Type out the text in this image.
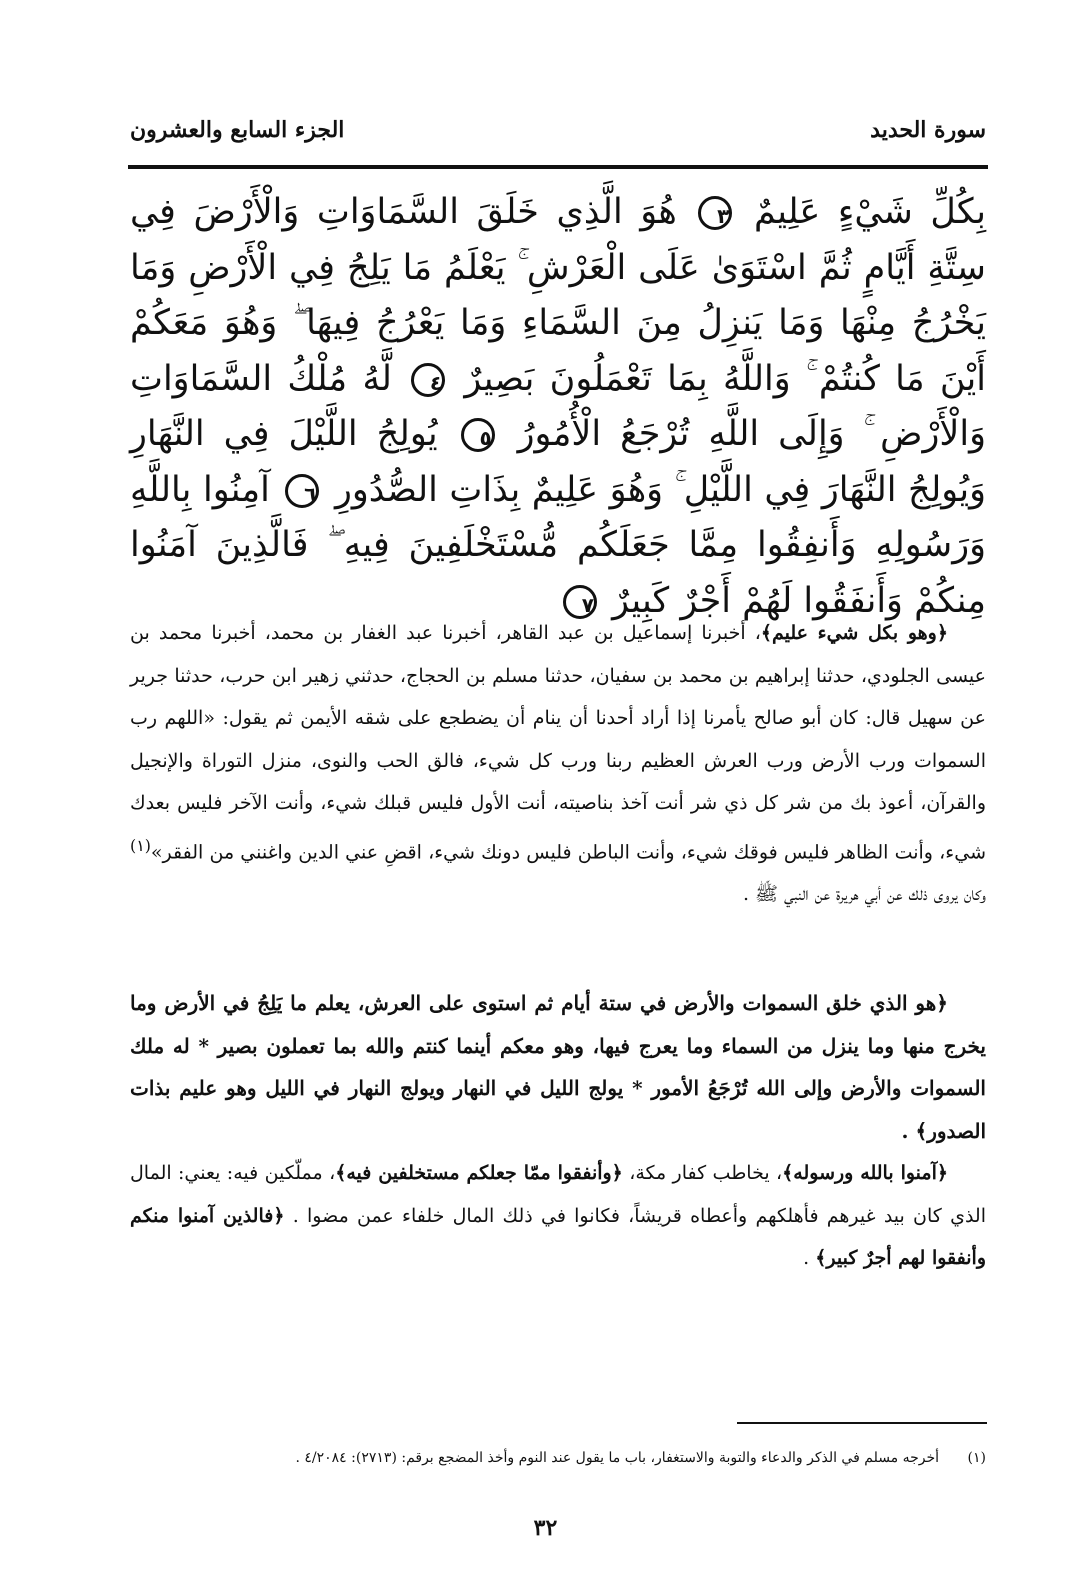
سورة الحديد
الجزء السابع والعشرون
بِكُلِّ شَيْءٍ عَلِيمٌ ٣ هُوَ الَّذِي خَلَقَ السَّمَاوَاتِ وَالْأَرْضَ فِي سِتَّةِ أَيَّامٍ ثُمَّ اسْتَوَىٰ عَلَى الْعَرْشِ ۚ يَعْلَمُ مَا يَلِجُ فِي الْأَرْضِ وَمَا يَخْرُجُ مِنْهَا وَمَا يَنزِلُ مِنَ السَّمَاءِ وَمَا يَعْرُجُ فِيهَا ۖ وَهُوَ مَعَكُمْ أَيْنَ مَا كُنتُمْ ۚ وَاللَّهُ بِمَا تَعْمَلُونَ بَصِيرٌ ٤ لَّهُ مُلْكُ السَّمَاوَاتِ وَالْأَرْضِ ۚ وَإِلَى اللَّهِ تُرْجَعُ الْأُمُورُ ٥ يُولِجُ اللَّيْلَ فِي النَّهَارِ وَيُولِجُ النَّهَارَ فِي اللَّيْلِ ۚ وَهُوَ عَلِيمٌ بِذَاتِ الصُّدُورِ ٦ آمِنُوا بِاللَّهِ وَرَسُولِهِ وَأَنفِقُوا مِمَّا جَعَلَكُم مُّسْتَخْلَفِينَ فِيهِ ۖ فَالَّذِينَ آمَنُوا مِنكُمْ وَأَنفَقُوا لَهُمْ أَجْرٌ كَبِيرٌ ٧

﴿وهو بكل شيء عليم﴾، أخبرنا إسماعيل بن عبد القاهر، أخبرنا عبد الغفار بن محمد، أخبرنا محمد بن عيسى الجلودي، حدثنا إبراهيم بن محمد بن سفيان، حدثنا مسلم بن الحجاج، حدثني زهير ابن حرب، حدثنا جرير عن سهيل قال: كان أبو صالح يأمرنا إذا أراد أحدنا أن ينام أن يضطجع على شقه الأيمن ثم يقول: «اللهم رب السموات ورب الأرض ورب العرش العظيم ربنا ورب كل شيء، فالق الحب والنوى، منزل التوراة والإنجيل والقرآن، أعوذ بك من شر كل ذي شر أنت آخذ بناصيته، أنت الأول فليس قبلك شيء، وأنت الآخر فليس بعدك شيء، وأنت الظاهر فليس فوقك شيء، وأنت الباطن فليس دونك شيء، اقضِ عني الدين واغنني من الفقر»$^{(١)}$ وكان يروى ذلك عن أبي هريرة عن النبي ﷺ .

﴿هو الذي خلق السموات والأرض في ستة أيام ثم استوى على العرش، يعلم ما يَلِجُ في الأرض وما يخرج منها وما ينزل من السماء وما يعرج فيها، وهو معكم أينما كنتم والله بما تعملون بصير * له ملك السموات والأرض وإلى الله تُرْجَعُ الأمور * يولج الليل في النهار ويولج النهار في الليل وهو عليم بذات الصدور﴾ .

﴿آمنوا بالله ورسوله﴾، يخاطب كفار مكة، ﴿وأنفقوا ممّا جعلكم مستخلفين فيه﴾، مملّكين فيه: يعني: المال الذي كان بيد غيرهم فأهلكهم وأعطاه قريشاً، فكانوا في ذلك المال خلفاء عمن مضوا . ﴿فالذين آمنوا منكم وأنفقوا لهم أجرٌ كبير﴾ .

(١) أخرجه مسلم في الذكر والدعاء والتوبة والاستغفار، باب ما يقول عند النوم وأخذ المضجع برقم: (٢٧١٣): ٤/٢٠٨٤ .
٣٢
